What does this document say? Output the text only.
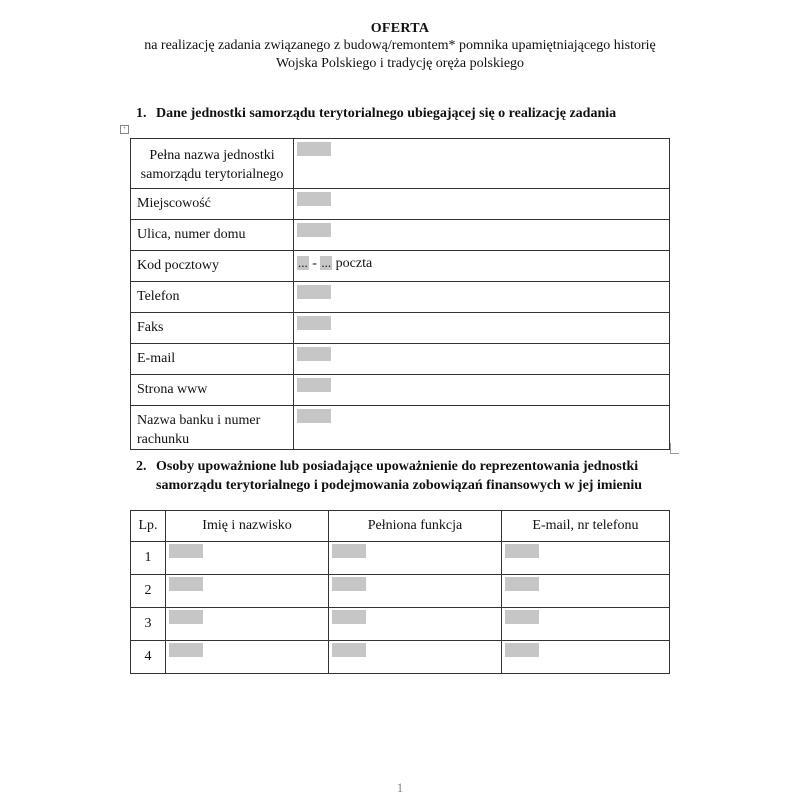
OFERTA
na realizację zadania związanego z budową/remontem* pomnika upamiętniającego historię
Wojska Polskiego i tradycję oręża polskiego
1. Dane jednostki samorządu terytorialnego ubiegającej się o realizację zadania
+
Pełna nazwa jednostki samorządu terytorialnego	
Miejscowość	
Ulica, numer domu	
Kod pocztowy	... - ... poczta
Telefon	
Faks	
E-mail	
Strona www	
Nazwa banku i numer rachunku	
2. Osoby upoważnione lub posiadające upoważnienie do reprezentowania jednostki
samorządu terytorialnego i podejmowania zobowiązań finansowych w jej imieniu
Lp.	Imię i nazwisko	Pełniona funkcja	E-mail, nr telefonu
1			
2			
3			
4			
1
